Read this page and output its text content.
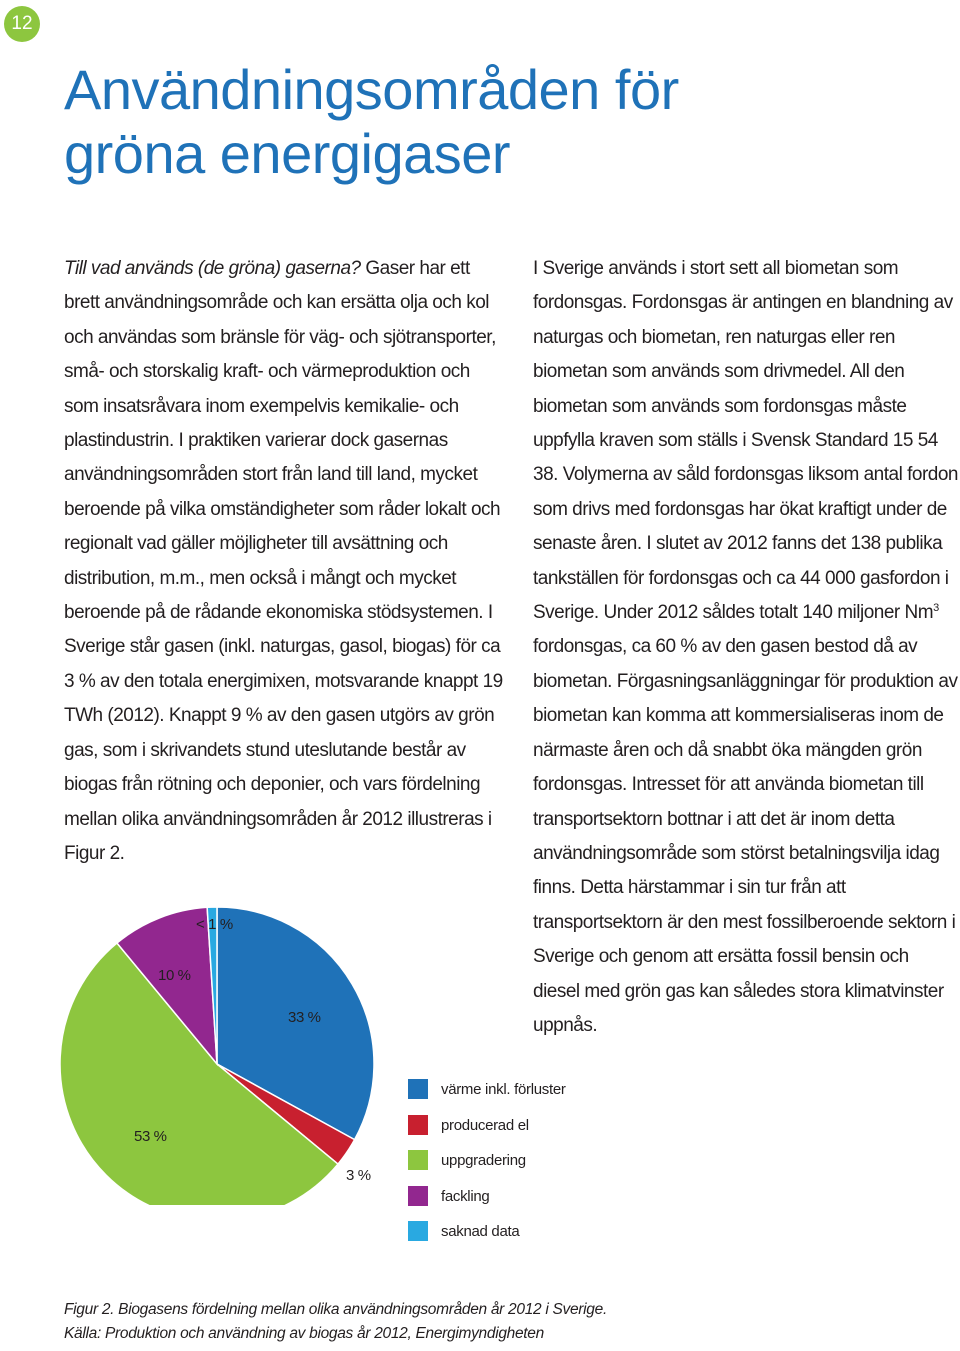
12
Användningsområden för
gröna energigaser

Till vad används (de gröna) gaserna? Gaser har ett brett användningsområde och kan ersätta olja och kol och användas som bränsle för väg- och sjötransporter, små- och storskalig kraft- och värmeproduktion och som insatsråvara inom exempelvis kemikalie- och plastindustrin. I praktiken varierar dock gasernas användningsområden stort från land till land, mycket beroende på vilka omständigheter som råder lokalt och regionalt vad gäller möjligheter till avsättning och distribution, m.m., men också i mångt och mycket beroende på de rådande ekonomiska stödsystemen. I Sverige står gasen (inkl. naturgas, gasol, biogas) för ca 3 % av den totala energimixen, motsvarande knappt 19 TWh (2012). Knappt 9 % av den gasen utgörs av grön gas, som i skrivandets stund uteslutande består av biogas från rötning och deponier, och vars fördelning mellan olika användningsområden år 2012 illustreras i Figur 2.

I Sverige används i stort sett all biometan som fordonsgas. Fordonsgas är antingen en blandning av naturgas och biometan, ren naturgas eller ren biometan som används som drivmedel. All den biometan som används som fordonsgas måste uppfylla kraven som ställs i Svensk Standard 15 54 38. Volymerna av såld fordonsgas liksom antal fordon som drivs med fordonsgas har ökat kraftigt under de senaste åren. I slutet av 2012 fanns det 138 publika tankställen för fordonsgas och ca 44 000 gasfordon i Sverige. Under 2012 såldes totalt 140 miljoner Nm$^3$ fordonsgas, ca 60 % av den gasen bestod då av biometan. Förgasningsanläggningar för produktion av biometan kan komma att kommersialiseras inom de närmaste åren och då snabbt öka mängden grön fordonsgas. Intresset för att använda biometan till transportsektorn bottnar i att det är inom detta användningsområde som störst betalningsvilja idag finns. Detta härstammar i sin tur från att transportsektorn är den mest fossilberoende sektorn i Sverige och genom att ersätta fossil bensin och diesel med grön gas kan således stora klimatvinster uppnås.

33 %
3 %
53 %
10 %
< 1 %
värme inkl. förluster
producerad el
uppgradering
fackling
saknad data
Figur 2. Biogasens fördelning mellan olika användningsområden år 2012 i Sverige.
Källa: Produktion och användning av biogas år 2012, Energimyndigheten
